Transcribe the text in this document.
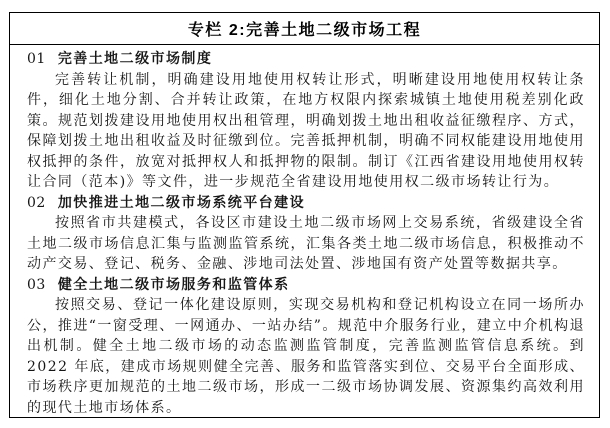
专栏 2:完善土地二级市场工程
01 完善土地二级市场制度

完善转让机制，明确建设用地使用权转让形式，明晰建设用地使用权转让条件，细化土地分割、合并转让政策，在地方权限内探索城镇土地使用税差别化政策。规范划拨建设用地使用权出租管理，明确划拨土地出租收益征缴程序、方式，保障划拨土地出租收益及时征缴到位。完善抵押机制，明确不同权能建设用地使用权抵押的条件，放宽对抵押权人和抵押物的限制。制订《江西省建设用地使用权转让合同（范本)》等文件，进一步规范全省建设用地使用权二级市场转让行为。

02 加快推进土地二级市场系统平台建设

按照省市共建模式，各设区市建设土地二级市场网上交易系统，省级建设全省土地二级市场信息汇集与监测监管系统，汇集各类土地二级市场信息，积极推动不动产交易、登记、税务、金融、涉地司法处置、涉地国有资产处置等数据共享。

03 健全土地二级市场服务和监管体系

按照交易、登记一体化建设原则，实现交易机构和登记机构设立在同一场所办公，推进“一窗受理、一网通办、一站办结”。规范中介服务行业，建立中介机构退出机制。健全土地二级市场的动态监测监管制度，完善监测监管信息系统。到 2022 年底，建成市场规则健全完善、服务和监管落实到位、交易平台全面形成、市场秩序更加规范的土地二级市场，形成一二级市场协调发展、资源集约高效利用的现代土地市场体系。
